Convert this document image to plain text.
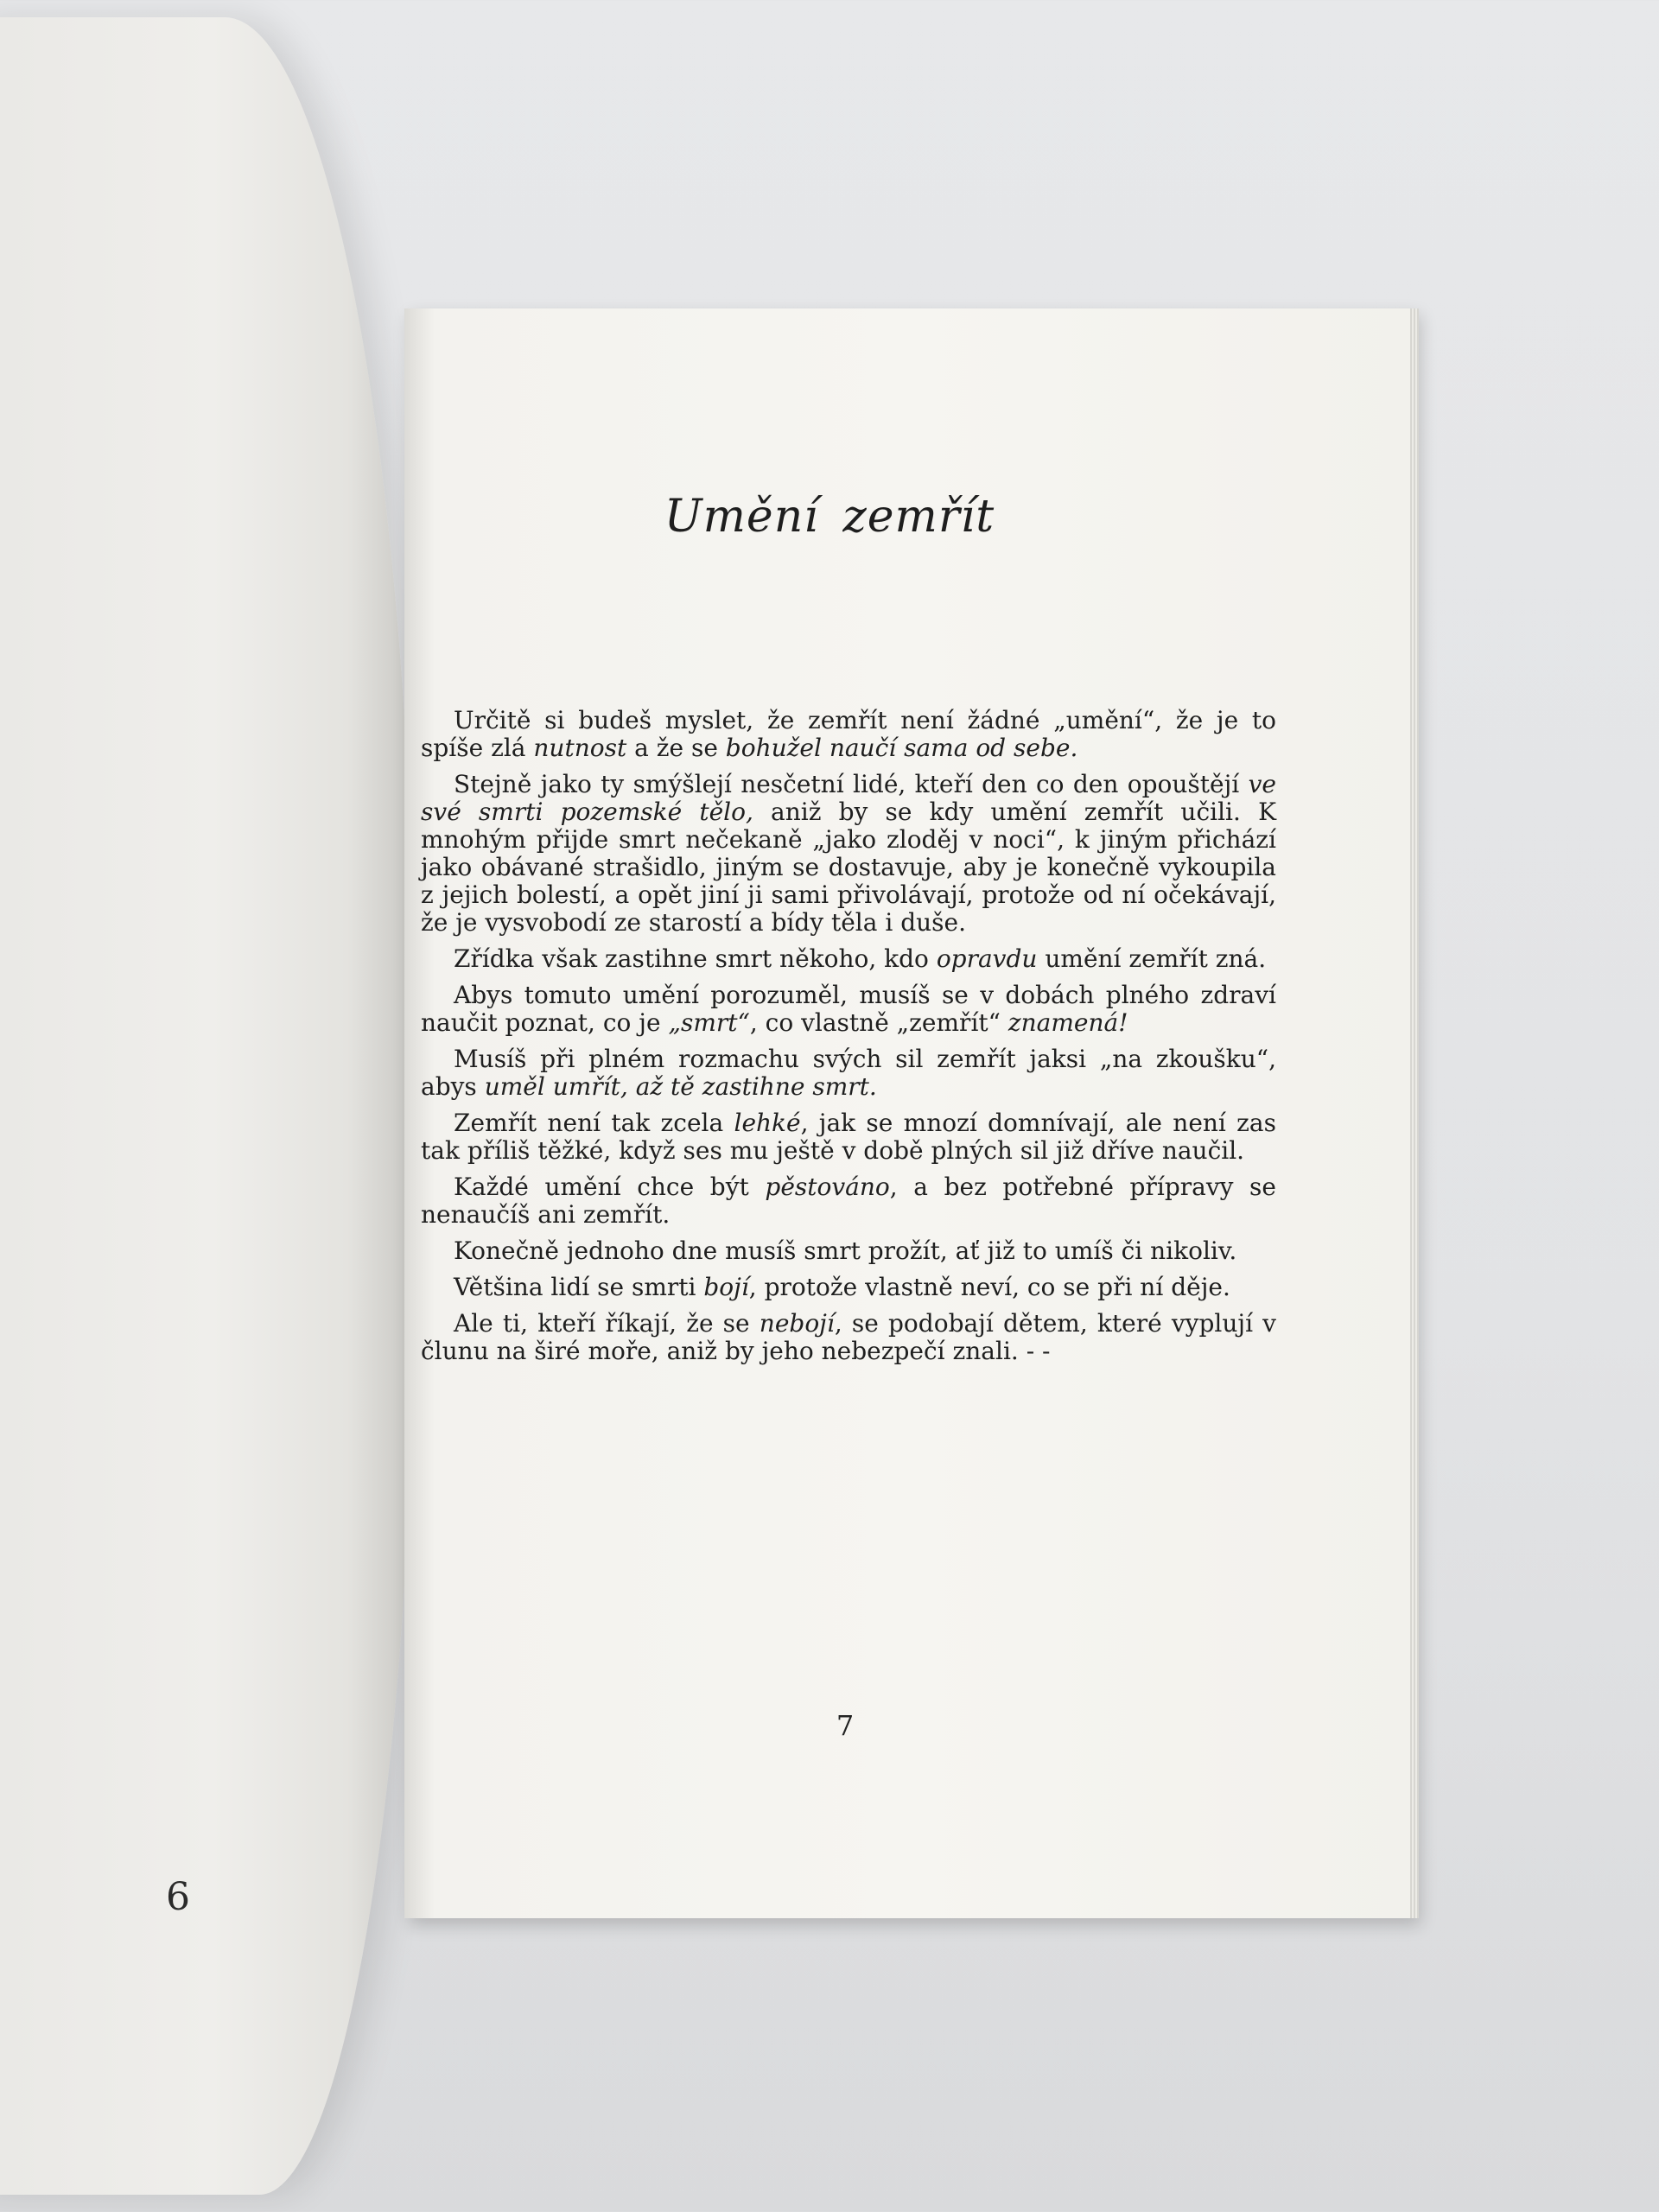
6
Umění zemřít

Určitě si budeš myslet, že zemřít není žádné „umění“, že je to spíše zlá nutnost a že se bohužel naučí sama od sebe.

Stejně jako ty smýšlejí nesčetní lidé, kteří den co den opouštějí ve své smrti pozemské tělo, aniž by se kdy umění zemřít učili. K mnohým přijde smrt nečekaně „jako zloděj v noci“, k jiným přichází jako obávané strašidlo, jiným se dostavuje, aby je konečně vykoupila z jejich bolestí, a opět jiní ji sami přivolávají, protože od ní očekávají, že je vysvobodí ze starostí a bídy těla i duše.

Zřídka však zastihne smrt někoho, kdo opravdu umění zemřít zná.

Abys tomuto umění porozuměl, musíš se v dobách plného zdraví naučit poznat, co je „smrt“, co vlastně „zemřít“ znamená!

Musíš při plném rozmachu svých sil zemřít jaksi „na zkoušku“, abys uměl umřít, až tě zastihne smrt.

Zemřít není tak zcela lehké, jak se mnozí domnívají, ale není zas tak příliš těžké, když ses mu ještě v době plných sil již dříve naučil.

Každé umění chce být pěstováno, a bez potřebné přípravy se nenaučíš ani zemřít.

Konečně jednoho dne musíš smrt prožít, ať již to umíš či nikoliv.

Většina lidí se smrti bojí, protože vlastně neví, co se při ní děje.

Ale ti, kteří říkají, že se nebojí, se podobají dětem, které vyplují v člunu na širé moře, aniž by jeho nebezpečí znali. - -

7
